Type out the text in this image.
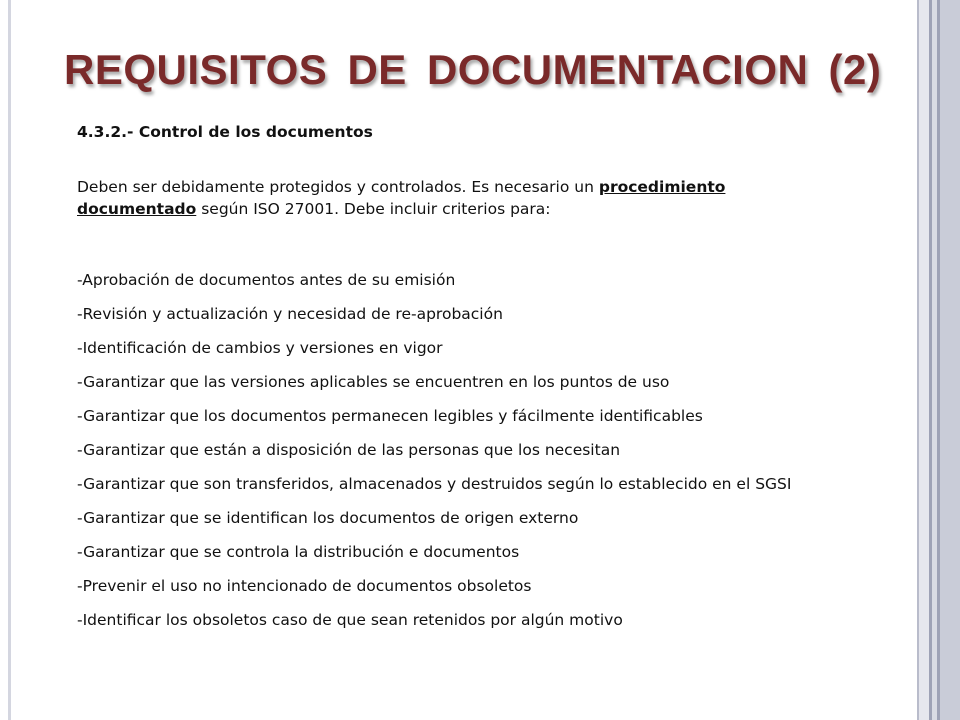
REQUISITOS DE DOCUMENTACION (2)

4.3.2.- Control de los documentos

Deben ser debidamente protegidos y controlados. Es necesario un procedimiento
documentado según ISO 27001. Debe incluir criterios para:
-Aprobación de documentos antes de su emisión
-Revisión y actualización y necesidad de re-aprobación
-Identificación de cambios y versiones en vigor
-Garantizar que las versiones aplicables se encuentren en los puntos de uso
-Garantizar que los documentos permanecen legibles y fácilmente identificables
-Garantizar que están a disposición de las personas que los necesitan
-Garantizar que son transferidos, almacenados y destruidos según lo establecido en el SGSI
-Garantizar que se identifican los documentos de origen externo
-Garantizar que se controla la distribución e documentos
-Prevenir el uso no intencionado de documentos obsoletos
-Identificar los obsoletos caso de que sean retenidos por algún motivo
